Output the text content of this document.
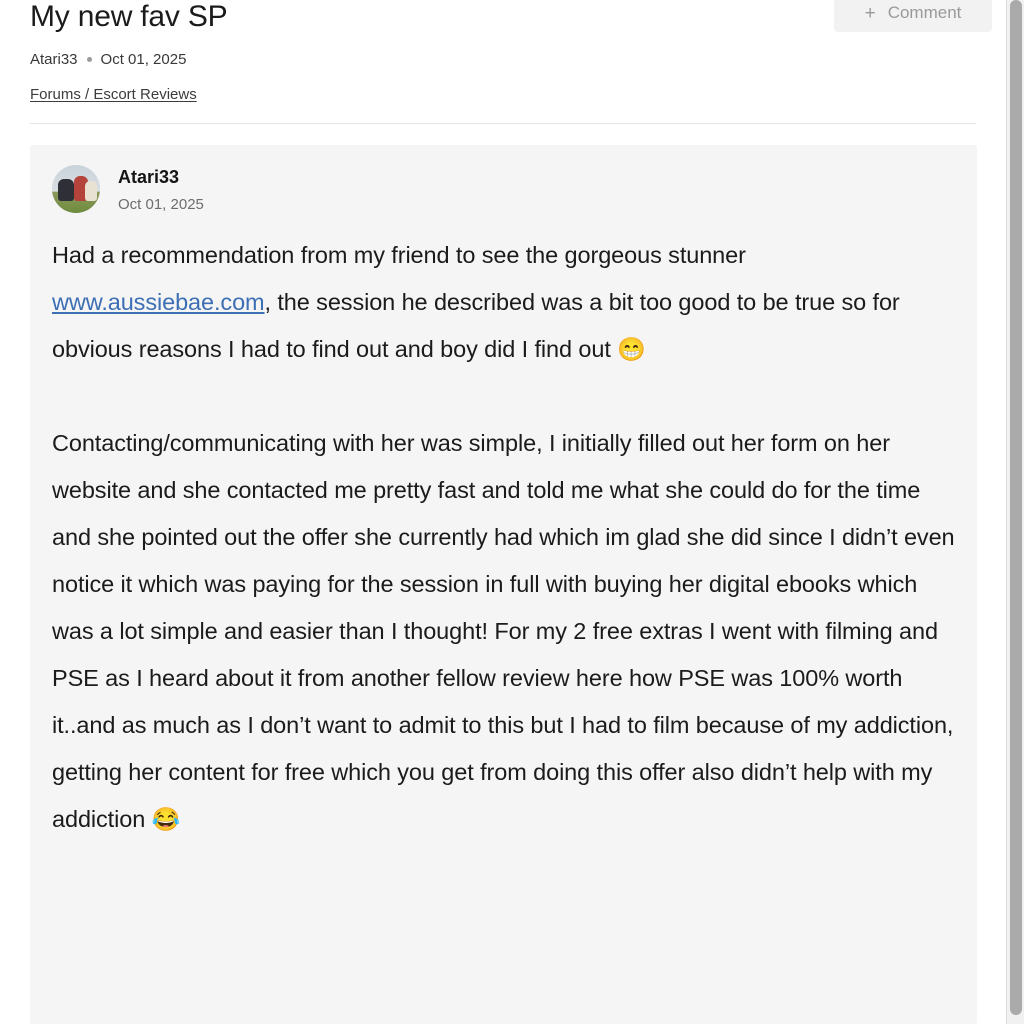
My new fav SP	+ Comment
Atari33 Oct 01, 2025
Forums / Escort Reviews
Atari33
Oct 01, 2025

Had a recommendation from my friend to see the gorgeous stunner www.aussiebae.com, the session he described was a bit too good to be true so for obvious reasons I had to find out and boy did I find out 😁

Contacting/communicating with her was simple, I initially filled out her form on her website and she contacted me pretty fast and told me what she could do for the time and she pointed out the offer she currently had which im glad she did since I didn’t even notice it which was paying for the session in full with buying her digital ebooks which was a lot simple and easier than I thought! For my 2 free extras I went with filming and PSE as I heard about it from another fellow review here how PSE was 100% worth it..and as much as I don’t want to admit to this but I had to film because of my addiction, getting her content for free which you get from doing this offer also didn’t help with my addiction 😂
